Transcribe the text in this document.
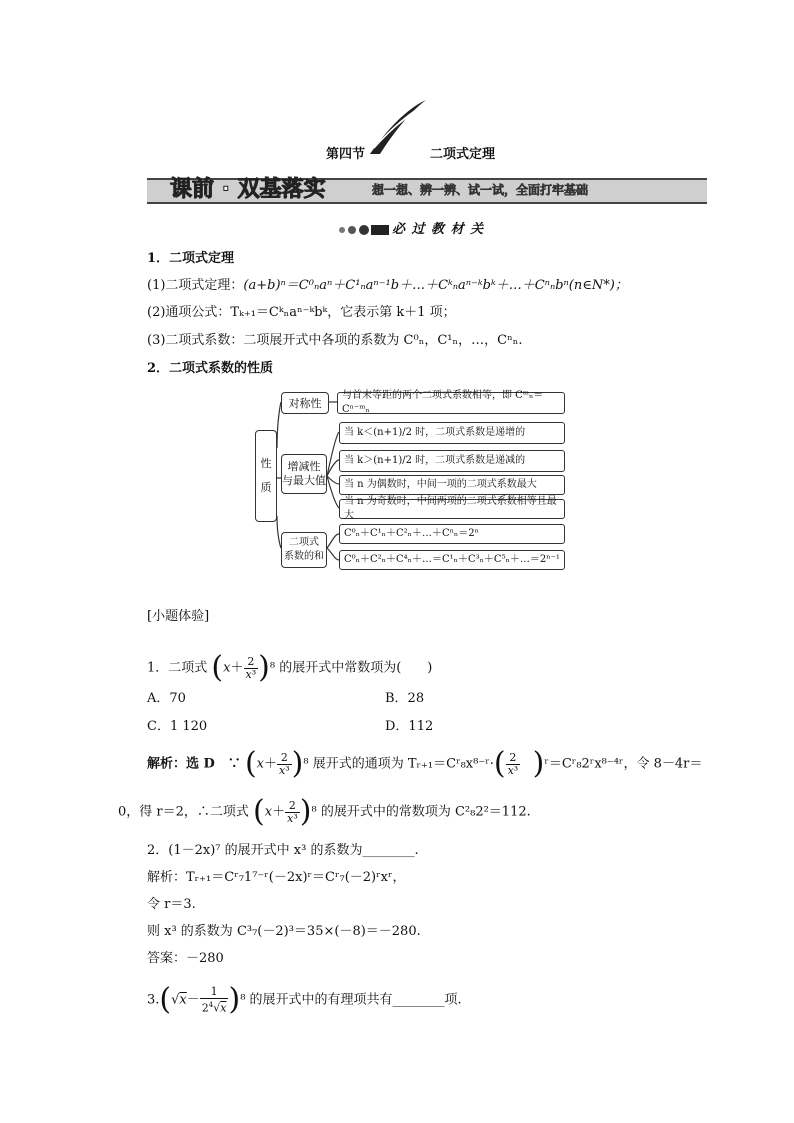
第四节	二项式定理
课前 · 双基落实	想一想、辨一辨、试一试，全面打牢基础
必 过 教 材 关
1．二项式定理
(1)二项式定理：(a+b)ⁿ＝C⁰ₙaⁿ＋C¹ₙaⁿ⁻¹b＋…＋Cᵏₙaⁿ⁻ᵏbᵏ＋…＋Cⁿₙbⁿ(n∈N*)；
(2)通项公式：Tₖ₊₁＝Cᵏₙaⁿ⁻ᵏbᵏ，它表示第 k＋1 项；
(3)二项式系数：二项展开式中各项的系数为 C⁰ₙ，C¹ₙ，…，Cⁿₙ.
2．二项式系数的性质
性

质
对称性
与首末等距的两个二项式系数相等，即 Cᵐₙ＝Cⁿ⁻ᵐₙ
增减性
与最大值
当 k＜(n+1)/2 时，二项式系数是递增的
当 k＞(n+1)/2 时，二项式系数是递减的
当 n 为偶数时，中间一项的二项式系数最大
当 n 为奇数时，中间两项的二项式系数相等且最大
二项式
系数的和
C⁰ₙ＋C¹ₙ＋C²ₙ＋…＋Cⁿₙ＝2ⁿ
C⁰ₙ＋C²ₙ＋C⁴ₙ＋…＝C¹ₙ＋C³ₙ＋C⁵ₙ＋…＝2ⁿ⁻¹
[小题体验]
1．二项式 $(x+ \frac{2}{\text{x³}} )^8$ 的展开式中常数项为(　　)
A．70	B．28
C．1 120	D．112
解析：选 D　∵ $(x+ \frac{2}{\text{x³}} )^8$ 展开式的通项为 Tᵣ₊₁＝Cʳ₈x⁸⁻ʳ·( $\frac{2}{\text{x³}}$ )ʳ＝Cʳ₈2ʳx⁸⁻⁴ʳ，令 8－4r＝
0，得 r＝2，∴二项式 $(x+ \frac{2}{\text{x³}} )^8$ 的展开式中的常数项为 C²₈2²＝112.
2．(1－2x)⁷ 的展开式中 x³ 的系数为________.
解析：Tᵣ₊₁＝Cʳ₇1⁷⁻ʳ(－2x)ʳ＝Cʳ₇(－2)ʳxʳ，
令 r＝3.
则 x³ 的系数为 C³₇(－2)³＝35×(－8)＝－280.
答案：－280
$3.(√x- \frac{1}{2^4√x} )^8$ 的展开式中的有理项共有________项.
